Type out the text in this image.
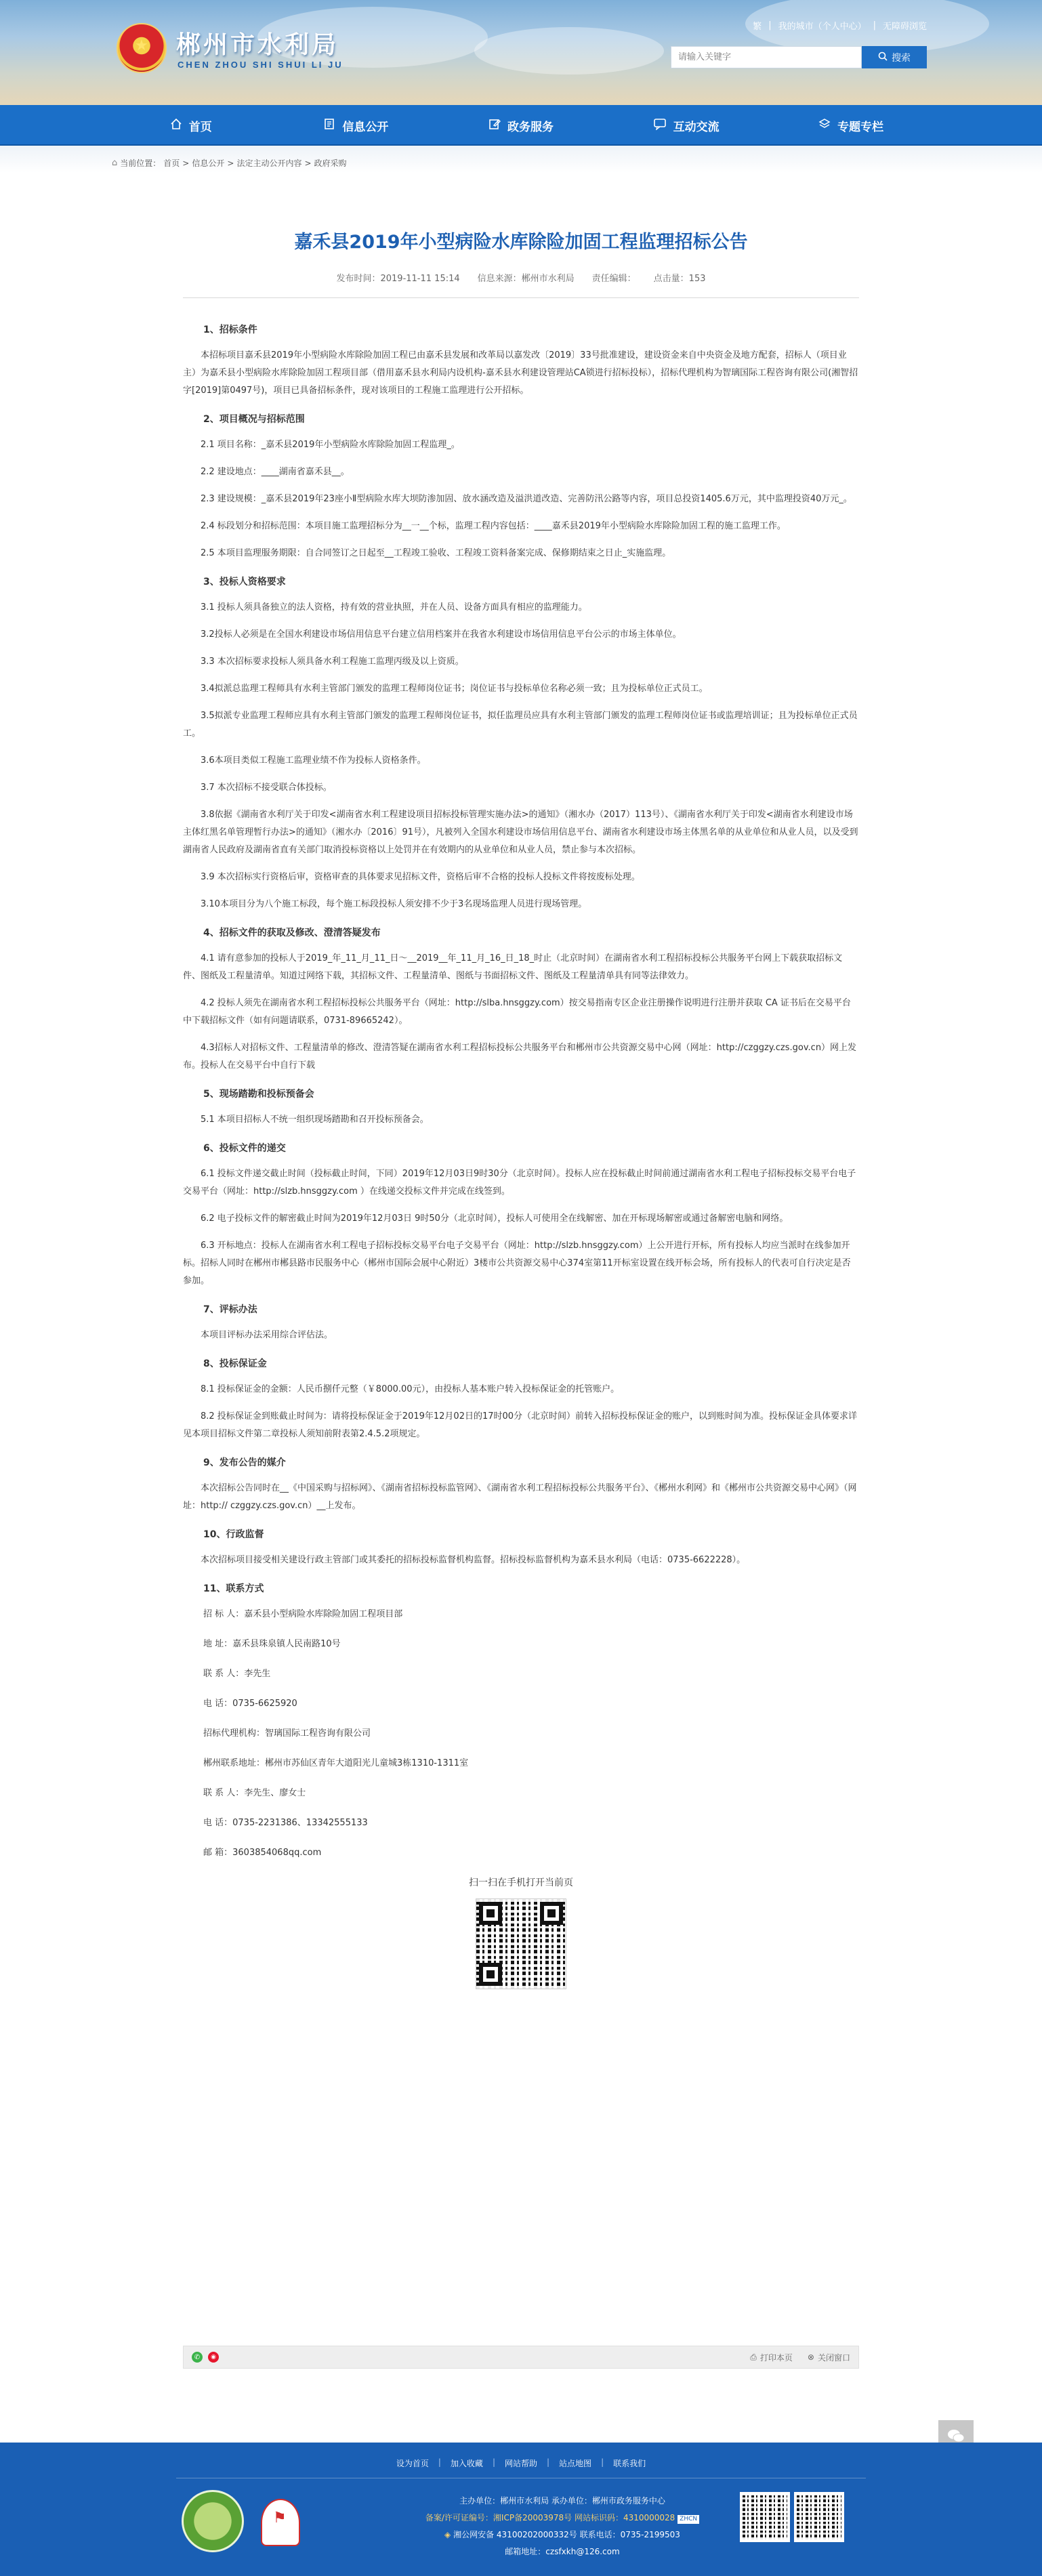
★
郴州市水利局
CHEN ZHOU SHI SHUI LI JU
繁 | 我的城市（个人中心） | 无障碍浏览
请输入关键字
搜索
首页	信息公开	政务服务	互动交流	专题专栏
⌂ 当前位置： 首页 > 信息公开 > 法定主动公开内容 > 政府采购
嘉禾县2019年小型病险水库除险加固工程监理招标公告
发布时间：2019-11-11 15:14 信息来源：郴州市水利局 责任编辑： 点击量：153
1、招标条件

本招标项目嘉禾县2019年小型病险水库除险加固工程已由嘉禾县发展和改革局以嘉发改〔2019〕33号批准建设，建设资金来自中央资金及地方配套，招标人（项目业主）为嘉禾县小型病险水库除险加固工程项目部（借用嘉禾县水利局内设机构-嘉禾县水利建设管理站CA锁进行招标投标），招标代理机构为智璃国际工程咨询有限公司(湘智招字[2019]第0497号)，项目已具备招标条件，现对该项目的工程施工监理进行公开招标。

2、项目概况与招标范围

2.1 项目名称：_嘉禾县2019年小型病险水库除险加固工程监理_。

2.2 建设地点：____湖南省嘉禾县__。

2.3 建设规模：_嘉禾县2019年23座小Ⅱ型病险水库大坝防渗加固、放水涵改造及溢洪道改造、完善防汛公路等内容，项目总投资1405.6万元，其中监理投资40万元_。

2.4 标段划分和招标范围：本项目施工监理招标分为__一__个标，监理工程内容包括：____嘉禾县2019年小型病险水库除险加固工程的施工监理工作。

2.5 本项目监理服务期限：自合同签订之日起至__工程竣工验收、工程竣工资料备案完成、保修期结束之日止_实施监理。

3、投标人资格要求

3.1 投标人须具备独立的法人资格，持有效的营业执照，并在人员、设备方面具有相应的监理能力。

3.2投标人必须是在全国水利建设市场信用信息平台建立信用档案并在我省水利建设市场信用信息平台公示的市场主体单位。

3.3 本次招标要求投标人须具备水利工程施工监理丙级及以上资质。

3.4拟派总监理工程师具有水利主管部门颁发的监理工程师岗位证书；岗位证书与投标单位名称必须一致；且为投标单位正式员工。

3.5拟派专业监理工程师应具有水利主管部门颁发的监理工程师岗位证书，拟任监理员应具有水利主管部门颁发的监理工程师岗位证书或监理培训证；且为投标单位正式员工。

3.6本项目类似工程施工监理业绩不作为投标人资格条件。

3.7 本次招标不接受联合体投标。

3.8依据《湖南省水利厅关于印发<湖南省水利工程建设项目招标投标管理实施办法>的通知》（湘水办（2017）113号）、《湖南省水利厅关于印发<湖南省水利建设市场主体红黑名单管理暂行办法>的通知》（湘水办〔2016〕91号），凡被列入全国水利建设市场信用信息平台、湖南省水利建设市场主体黑名单的从业单位和从业人员，以及受到湖南省人民政府及湖南省直有关部门取消投标资格以上处罚并在有效期内的从业单位和从业人员，禁止参与本次招标。

3.9 本次招标实行资格后审，资格审查的具体要求见招标文件，资格后审不合格的投标人投标文件将按废标处理。

3.10本项目分为八个施工标段，每个施工标段投标人须安排不少于3名现场监理人员进行现场管理。

4、招标文件的获取及修改、澄清答疑发布

4.1 请有意参加的投标人于2019_年_11_月_11_日～__2019__年_11_月_16_日_18_时止（北京时间）在湖南省水利工程招标投标公共服务平台网上下载获取招标文件、图纸及工程量清单。知道过网络下载，其招标文件、工程量清单、图纸与书面招标文件、图纸及工程量清单具有同等法律效力。

4.2 投标人须先在湖南省水利工程招标投标公共服务平台（网址：http://slba.hnsggzy.com）按交易指南专区企业注册操作说明进行注册并获取 CA 证书后在交易平台中下载招标文件（如有问题请联系，0731-89665242）。

4.3招标人对招标文件、工程量清单的修改、澄清答疑在湖南省水利工程招标投标公共服务平台和郴州市公共资源交易中心网（网址：http://czggzy.czs.gov.cn）网上发布。投标人在交易平台中自行下载

5、现场踏勘和投标预备会

5.1 本项目招标人不统一组织现场踏勘和召开投标预备会。

6、投标文件的递交

6.1 投标文件递交截止时间（投标截止时间，下同）2019年12月03日9时30分（北京时间）。投标人应在投标截止时间前通过湖南省水利工程电子招标投标交易平台电子交易平台（网址：http://slzb.hnsggzy.com ）在线递交投标文件并完成在线签到。

6.2 电子投标文件的解密截止时间为2019年12月03日 9时50分（北京时间），投标人可使用全在线解密、加在开标现场解密或通过备解密电脑和网络。

6.3 开标地点：投标人在湖南省水利工程电子招标投标交易平台电子交易平台（网址：http://slzb.hnsggzy.com）上公开进行开标，所有投标人均应当派时在线参加开标。招标人同时在郴州市郴县路市民服务中心（郴州市国际会展中心附近）3楼市公共资源交易中心374室第11开标室设置在线开标会场，所有投标人的代表可自行决定是否参加。

7、评标办法

本项目评标办法采用综合评估法。

8、投标保证金

8.1 投标保证金的金额：人民币捌仟元整（￥8000.00元），由投标人基本账户转入投标保证金的托管账户。

8.2 投标保证金到账截止时间为：请将投标保证金于2019年12月02日的17时00分（北京时间）前转入招标投标保证金的账户，以到账时间为准。投标保证金具体要求详见本项目招标文件第二章投标人须知前附表第2.4.5.2项规定。

9、发布公告的媒介

本次招标公告同时在__《中国采购与招标网》、《湖南省招标投标监管网》、《湖南省水利工程招标投标公共服务平台》、《郴州水利网》和《郴州市公共资源交易中心网》（网址：http:// czggzy.czs.gov.cn）__上发布。

10、行政监督

本次招标项目接受相关建设行政主管部门或其委托的招标投标监督机构监督。招标投标监督机构为嘉禾县水利局（电话：0735-6622228）。

11、联系方式
招 标 人：嘉禾县小型病险水库除险加固工程项目部
地 址：嘉禾县珠泉镇人民南路10号
联 系 人：李先生
电 话：0735-6625920
招标代理机构：智璃国际工程咨询有限公司
郴州联系地址：郴州市苏仙区青年大道阳光儿童城3栋1310-1311室
联 系 人：李先生、廖女士
电 话：0735-2231386、13342555133
邮 箱：3603854068qq.com
扫一扫在手机打开当前页
✆	◉	⎙ 打印本页 ⊗ 关闭窗口
设为首页 | 加入收藏 | 网站帮助 | 站点地图 | 联系我们
⚑
主办单位：郴州市水利局 承办单位：郴州市政务服务中心
备案/许可证编号：湘ICP备20003978号 网站标识码：4310000028 ZHCN
◈ 湘公网安备 43100202000332号 联系电话：0735-2199503
邮箱地址：czsfxkh@126.com
